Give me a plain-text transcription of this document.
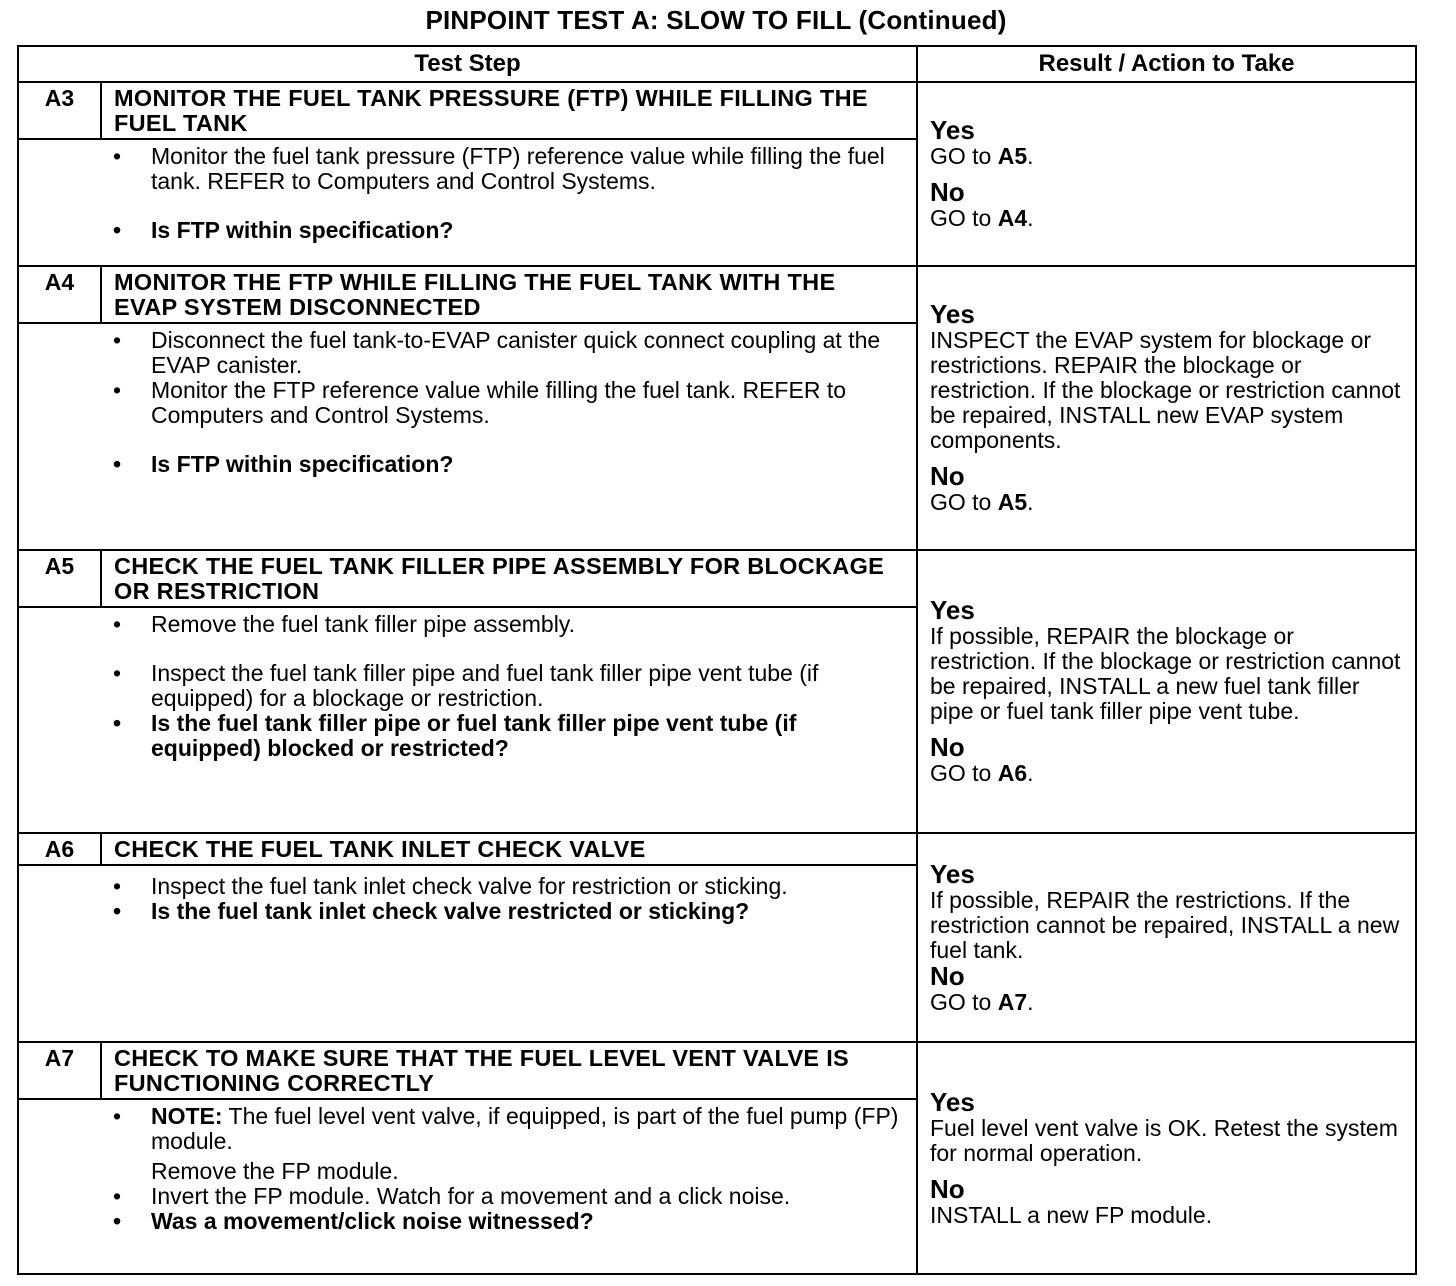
PINPOINT TEST A: SLOW TO FILL (Continued)
Test Step	Result / Action to Take
A3	MONITOR THE FUEL TANK PRESSURE (FTP) WHILE FILLING THE FUEL TANK
• Monitor the fuel tank pressure (FTP) reference value while filling the fuel tank. REFER to Computers and Control Systems.
• Is FTP within specification?
Yes
GO to A5.
No
GO to A4.
A4	MONITOR THE FTP WHILE FILLING THE FUEL TANK WITH THE EVAP SYSTEM DISCONNECTED
• Disconnect the fuel tank-to-EVAP canister quick connect coupling at the EVAP canister.
• Monitor the FTP reference value while filling the fuel tank. REFER to Computers and Control Systems.
• Is FTP within specification?
Yes
INSPECT the EVAP system for blockage or restrictions. REPAIR the blockage or restriction. If the blockage or restriction cannot be repaired, INSTALL new EVAP system components.
No
GO to A5.
A5	CHECK THE FUEL TANK FILLER PIPE ASSEMBLY FOR BLOCKAGE OR RESTRICTION
• Remove the fuel tank filler pipe assembly.
• Inspect the fuel tank filler pipe and fuel tank filler pipe vent tube (if equipped) for a blockage or restriction.
• Is the fuel tank filler pipe or fuel tank filler pipe vent tube (if equipped) blocked or restricted?
Yes
If possible, REPAIR the blockage or restriction. If the blockage or restriction cannot be repaired, INSTALL a new fuel tank filler pipe or fuel tank filler pipe vent tube.
No
GO to A6.
A6	CHECK THE FUEL TANK INLET CHECK VALVE
• Inspect the fuel tank inlet check valve for restriction or sticking.
• Is the fuel tank inlet check valve restricted or sticking?
Yes
If possible, REPAIR the restrictions. If the restriction cannot be repaired, INSTALL a new fuel tank.
No
GO to A7.
A7	CHECK TO MAKE SURE THAT THE FUEL LEVEL VENT VALVE IS FUNCTIONING CORRECTLY
• NOTE: The fuel level vent valve, if equipped, is part of the fuel pump (FP) module.
Remove the FP module.
• Invert the FP module. Watch for a movement and a click noise.
• Was a movement/click noise witnessed?
Yes
Fuel level vent valve is OK. Retest the system for normal operation.
No
INSTALL a new FP module.
